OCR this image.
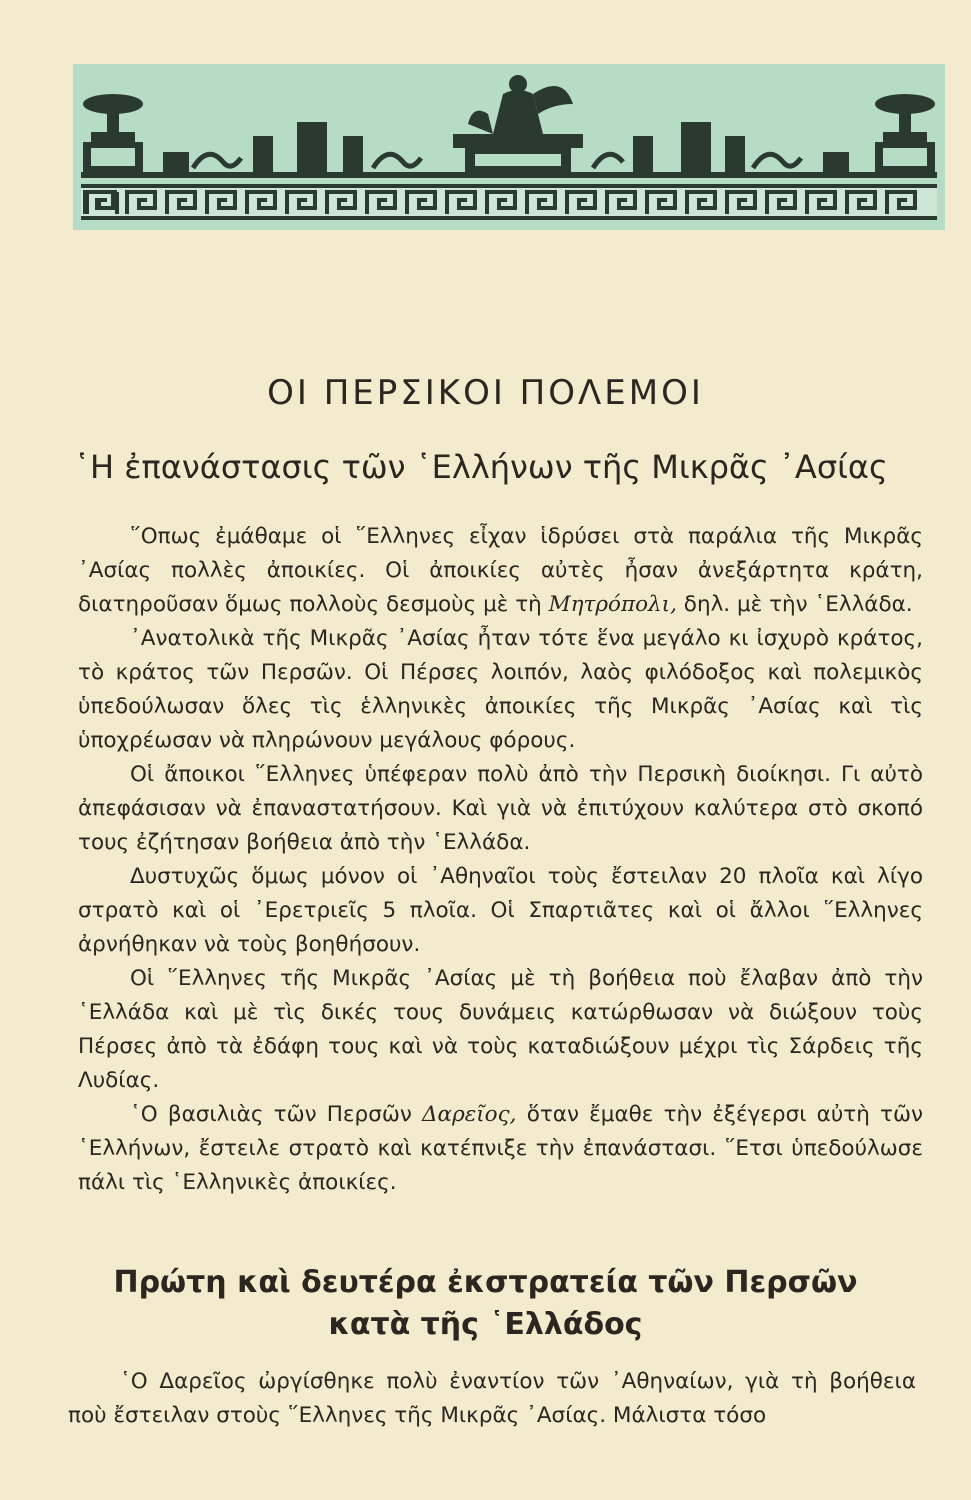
ΟΙ ΠΕΡΣΙΚΟΙ ΠΟΛΕΜΟΙ
῾Η ἐπανάστασις τῶν ῾Ελλήνων τῆς Μικρᾶς ᾿Ασίας

῞Οπως ἐμάθαμε οἱ ῞Ελληνες εἶχαν ἱδρύσει στὰ παράλια τῆς Μικρᾶς ᾿Ασίας πολλὲς ἀποικίες. Οἱ ἀποικίες αὐτὲς ἦσαν ἀνεξάρτητα κράτη, διατηροῦσαν ὅμως πολλοὺς δεσμοὺς μὲ τὴ Μητρόπολι, δηλ. μὲ τὴν ῾Ελλάδα.

᾿Ανατολικὰ τῆς Μικρᾶς ᾿Ασίας ἦταν τότε ἕνα μεγάλο κι ἰσχυρὸ κράτος, τὸ κράτος τῶν Περσῶν. Οἱ Πέρσες λοιπόν, λαὸς φιλόδοξος καὶ πολεμικὸς ὑπεδούλωσαν ὅλες τὶς ἑλληνικὲς ἀποικίες τῆς Μικρᾶς ᾿Ασίας καὶ τὶς ὑποχρέωσαν νὰ πληρώνουν μεγάλους φόρους.

Οἱ ἄποικοι ῞Ελληνες ὑπέφεραν πολὺ ἀπὸ τὴν Περσικὴ διοίκησι. Γι αὐτὸ ἀπεφάσισαν νὰ ἐπαναστατήσουν. Καὶ γιὰ νὰ ἐπιτύχουν καλύτερα στὸ σκοπό τους ἐζήτησαν βοήθεια ἀπὸ τὴν ῾Ελλάδα.

Δυστυχῶς ὅμως μόνον οἱ ᾿Αθηναῖοι τοὺς ἔστειλαν 20 πλοῖα καὶ λίγο στρατὸ καὶ οἱ ᾿Ερετριεῖς 5 πλοῖα. Οἱ Σπαρτιᾶτες καὶ οἱ ἄλλοι ῞Ελληνες ἀρνήθηκαν νὰ τοὺς βοηθήσουν.

Οἱ ῞Ελληνες τῆς Μικρᾶς ᾿Ασίας μὲ τὴ βοήθεια ποὺ ἔλαβαν ἀπὸ τὴν ῾Ελλάδα καὶ μὲ τὶς δικές τους δυνάμεις κατώρθωσαν νὰ διώξουν τοὺς Πέρσες ἀπὸ τὰ ἐδάφη τους καὶ νὰ τοὺς καταδιώξουν μέχρι τὶς Σάρδεις τῆς Λυδίας.

῾Ο βασιλιὰς τῶν Περσῶν Δαρεῖος, ὅταν ἔμαθε τὴν ἐξέγερσι αὐτὴ τῶν ῾Ελλήνων, ἔστειλε στρατὸ καὶ κατέπνιξε τὴν ἐπανάστασι. ῞Ετσι ὑπεδούλωσε πάλι τὶς ῾Ελληνικὲς ἀποικίες.

Πρώτη καὶ δευτέρα ἐκστρατεία τῶν Περσῶν
κατὰ τῆς ῾Ελλάδος

῾Ο Δαρεῖος ὠργίσθηκε πολὺ ἐναντίον τῶν ᾿Αθηναίων, γιὰ τὴ βοήθεια ποὺ ἔστειλαν στοὺς ῞Ελληνες τῆς Μικρᾶς ᾿Ασίας. Μάλιστα τόσο
